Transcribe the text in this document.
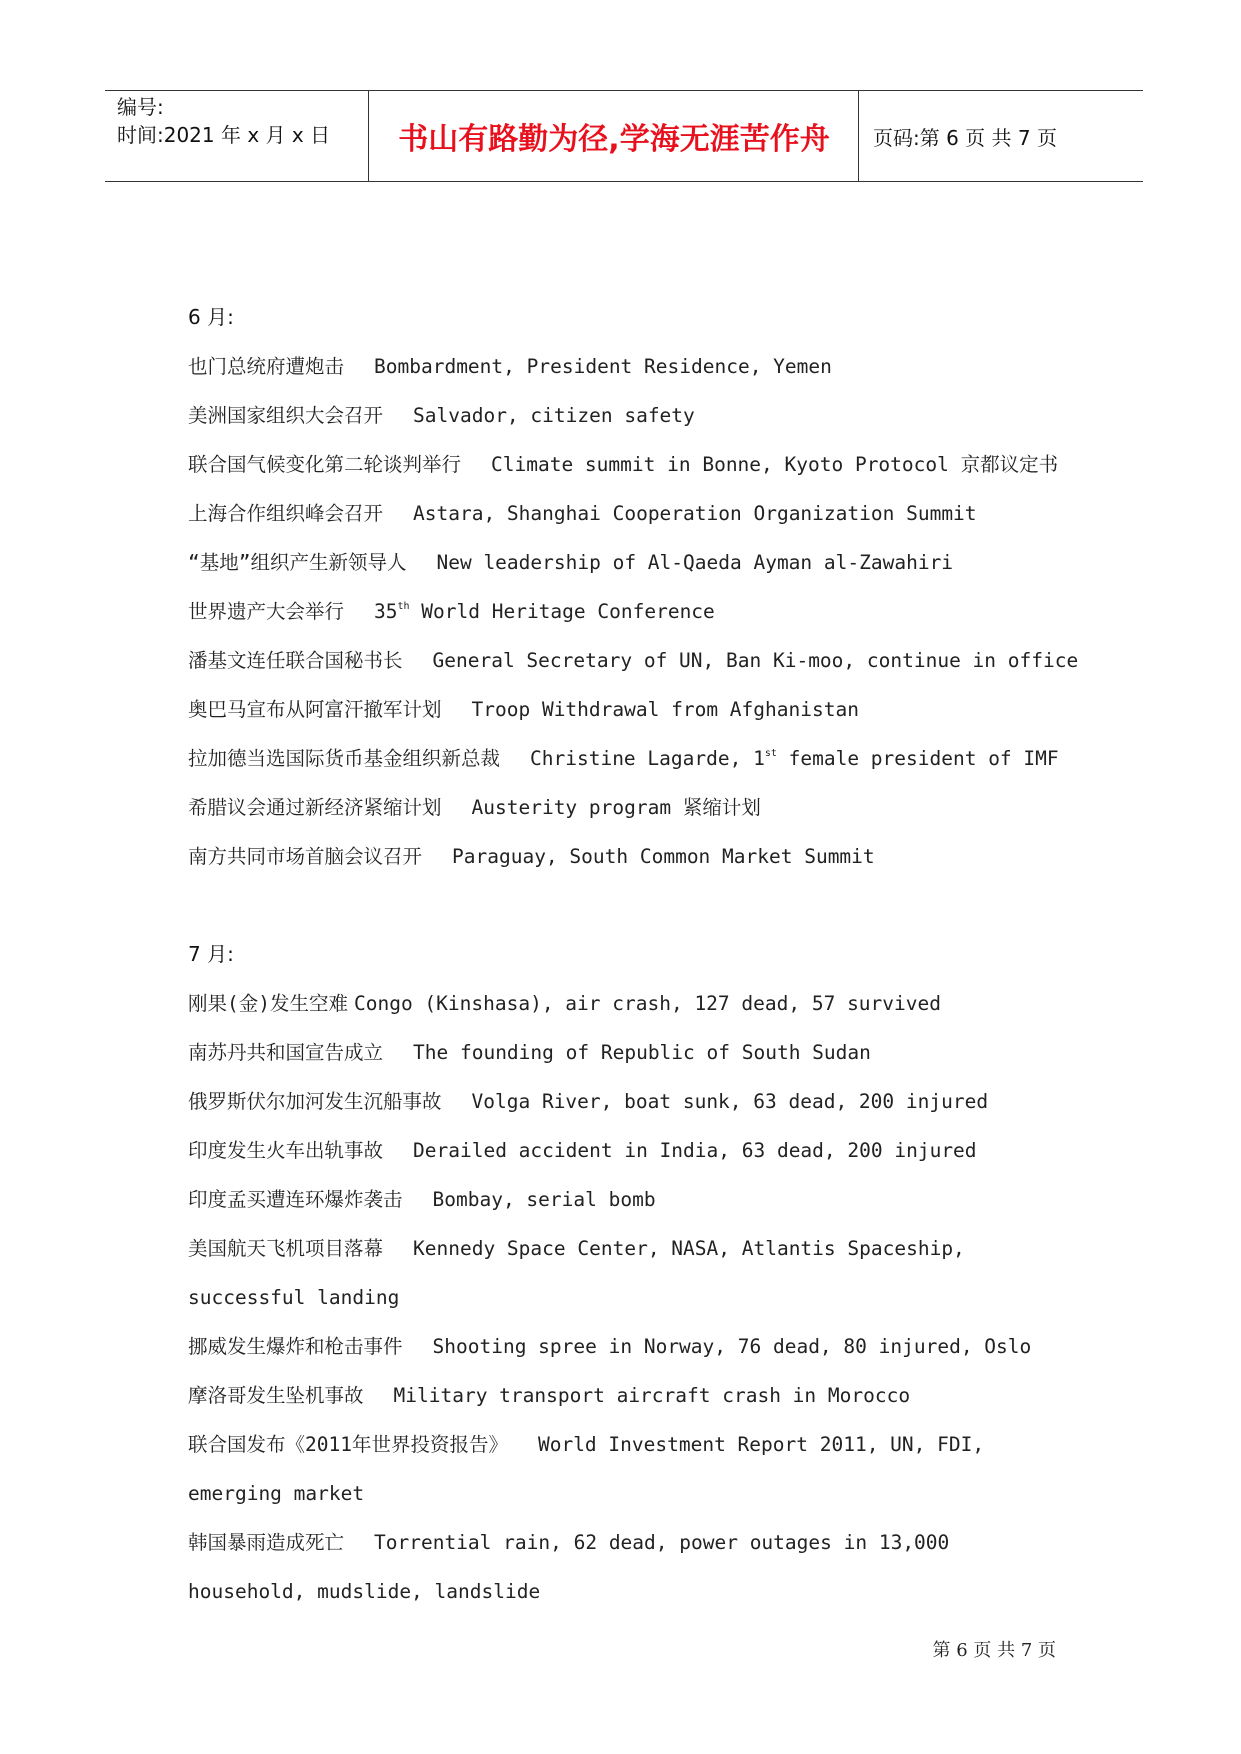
编号:
时间:2021 年 x 月 x 日	书山有路勤为径,学海无涯苦作舟	页码:第 6 页 共 7 页
6 月:
也门总统府遭炮击 Bombardment, President Residence, Yemen
美洲国家组织大会召开 Salvador, citizen safety
联合国气候变化第二轮谈判举行 Climate summit in Bonne, Kyoto Protocol 京都议定书
上海合作组织峰会召开 Astara, Shanghai Cooperation Organization Summit
“基地”组织产生新领导人 New leadership of Al-Qaeda Ayman al-Zawahiri
世界遗产大会举行 35th World Heritage Conference
潘基文连任联合国秘书长 General Secretary of UN, Ban Ki-moo, continue in office
奥巴马宣布从阿富汗撤军计划 Troop Withdrawal from Afghanistan
拉加德当选国际货币基金组织新总裁 Christine Lagarde, 1st female president of IMF
希腊议会通过新经济紧缩计划 Austerity program 紧缩计划
南方共同市场首脑会议召开 Paraguay, South Common Market Summit
7 月:
刚果(金)发生空难 Congo (Kinshasa), air crash, 127 dead, 57 survived
南苏丹共和国宣告成立 The founding of Republic of South Sudan
俄罗斯伏尔加河发生沉船事故 Volga River, boat sunk, 63 dead, 200 injured
印度发生火车出轨事故 Derailed accident in India, 63 dead, 200 injured
印度孟买遭连环爆炸袭击 Bombay, serial bomb
美国航天飞机项目落幕 Kennedy Space Center, NASA, Atlantis Spaceship, successful landing
挪威发生爆炸和枪击事件 Shooting spree in Norway, 76 dead, 80 injured, Oslo
摩洛哥发生坠机事故 Military transport aircraft crash in Morocco
联合国发布《2011年世界投资报告》 World Investment Report 2011, UN, FDI, emerging market
韩国暴雨造成死亡 Torrential rain, 62 dead, power outages in 13,000 household, mudslide, landslide
第 6 页 共 7 页
